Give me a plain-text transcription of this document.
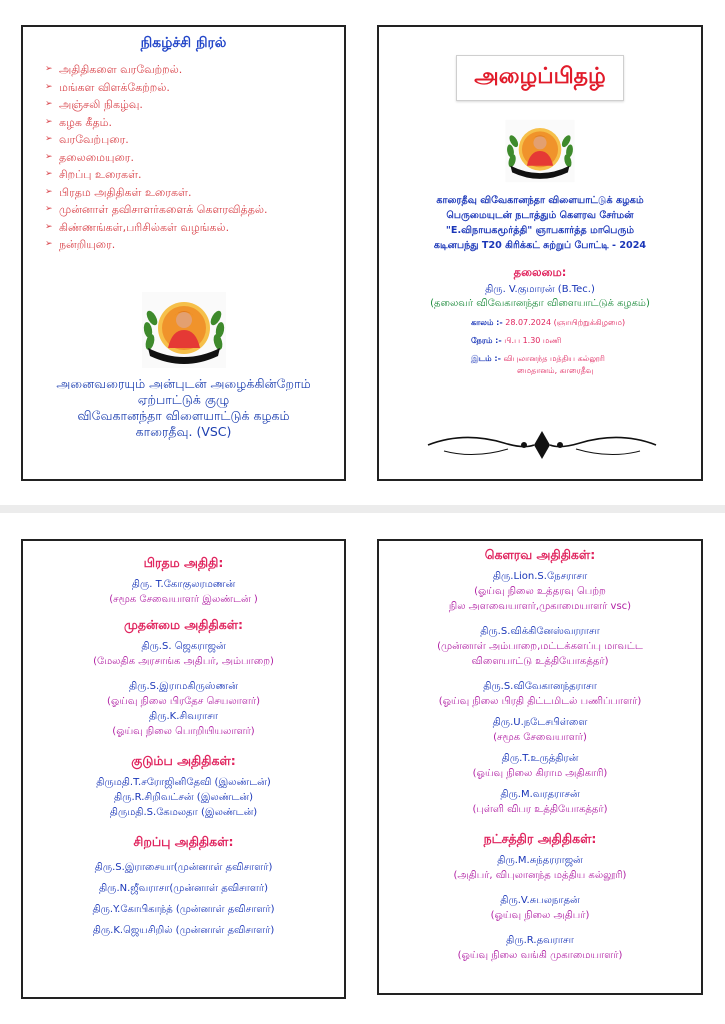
நிகழ்ச்சி நிரல்
➢ அதிதிகளை வரவேற்றல்.
➢ மங்கள விளக்கேற்றல்.
➢ அஞ்சலி நிகழ்வு.
➢ கழக கீதம்.
➢ வரவேற்புரை.
➢ தலைமையுரை.
➢ சிறப்பு உரைகள்.
➢ பிரதம அதிதிகள் உரைகள்.
➢ முன்னாள் தவிசாளர்களைக் கௌரவித்தல்.
➢ கிண்ணங்கள்,பரிசில்கள் வழங்கல்.
➢ நன்றியுரை.
அனைவரையும் அன்புடன் அழைக்கின்றோம்
ஏற்பாட்டுக் குழு
விவேகானந்தா விளையாட்டுக் கழகம்
காரைதீவு. (VSC)
அழைப்பிதழ்
காரைதீவு விவேகானந்தா விளையாட்டுக் கழகம்
பெருமையுடன் நடாத்தும் கௌரவ சேர்மன்
"E.விநாயகமூர்த்தி" ஞாபகார்த்த மாபெரும்
கடினபந்து T20 கிரிக்கட் சுற்றுப் போட்டி - 2024
தலைமை:
திரு. V.குமாரன் (B.Tec.)
(தலைவர் விவேகானந்தா விளையாட்டுக் கழகம்)
காலம் :- 28.07.2024 (ஞாயிற்றுக்கிழமை)
நேரம் :- பி.ப 1.30 மணி
இடம் :- விபுலானந்த மத்திய கல்லூரி
மைதானம், காரைதீவு
பிரதம அதிதி:
திரு. T.கோகுலரமணன்
(சமூக சேவையாளர் இலண்டன் )
முதன்மை அதிதிகள்:
திரு.S. ஜெகராஜன்
(மேலதிக அரசாங்க அதிபர், அம்பாறை)
திரு.S.இராமகிருஸ்ணன்
(ஓய்வு நிலை பிரதேச செயலாளர்)
திரு.K.சிவராசா
(ஓய்வு நிலை பொறியியலாளர்)
குடும்ப அதிதிகள்:
திருமதி.T.சரோஜினிதேவி (இலண்டன்)
திரு.R.சிறிவட்சன் (இலண்டன்)
திருமதி.S.கேமலதா (இலண்டன்)
சிறப்பு அதிதிகள்:
திரு.S.இராசையா(முன்னாள் தவிசாளர்)
திரு.N.ஜீவராசா(முன்னாள் தவிசாளர்)
திரு.Y.கோபிகாந்த் (முன்னாள் தவிசாளர்)
திரு.K.ஜெயசிறில் (முன்னாள் தவிசாளர்)
கௌரவ அதிதிகள்:
திரு.Lion.S.நேசராசா
(ஓய்வு நிலை உத்தரவு பெற்ற
நில அளவையாளர்,முகாமையாளர் vsc)
திரு.S.விக்கினேஸ்வரராசா
(முன்னாள் அம்பாறை,மட்டக்களப்பு மாவட்ட
விளையாட்டு உத்தியோகத்தர்)
திரு.S.விவேகானந்தராசா
(ஓய்வு நிலை பிரதி திட்டமிடல் பணிப்பாளர்)
திரு.U.நடேசபிள்ளை
(சமூக சேவையாளர்)
திரு.T.உருத்திரன்
(ஓய்வு நிலை கிராம அதிகாரி)
திரு.M.வரதராசன்
(புள்ளி விபர உத்தியோகத்தர்)
நட்சத்திர அதிதிகள்:
திரு.M.சுந்தரராஜன்
(அதிபர், விபுலானந்த மத்திய கல்லூரி)
திரு.V.சுபலநாதன்
(ஓய்வு நிலை அதிபர்)
திரு.R.தவராசா
(ஓய்வு நிலை வங்கி முகாமையாளர்)
